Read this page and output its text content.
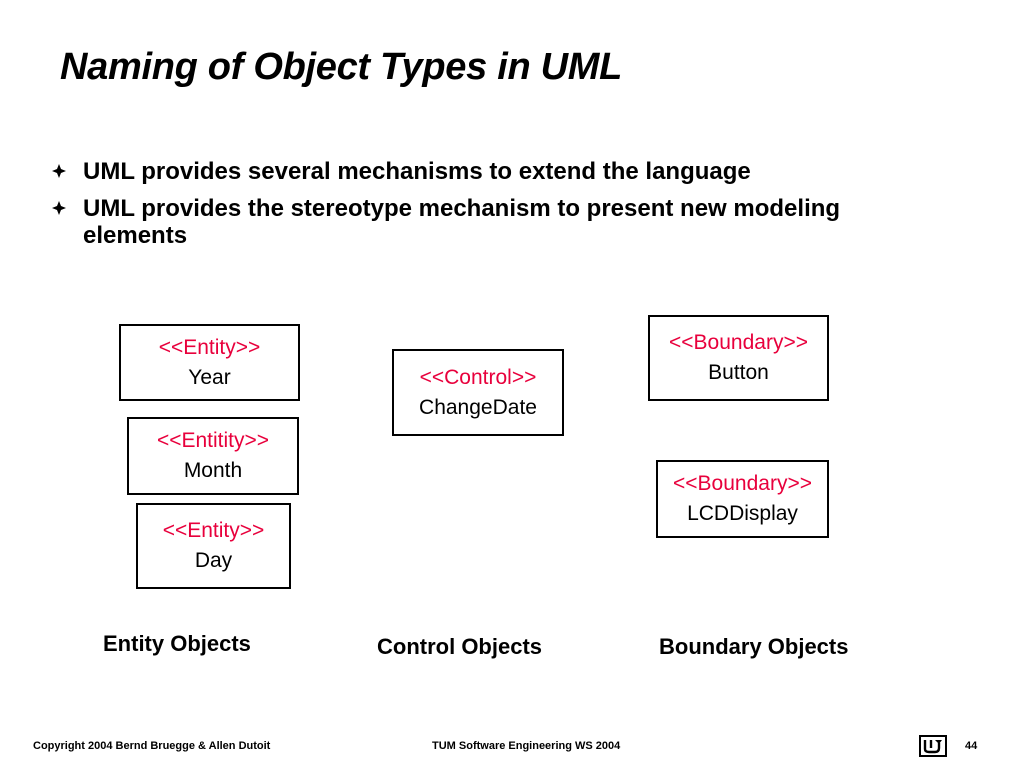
Naming of Object Types in UML
UML provides several mechanisms to extend the language
UML provides the stereotype mechanism to present new modeling elements
<<Entity>>
Year
<<Entitity>>
Month
<<Entity>>
Day
<<Control>>
ChangeDate
<<Boundary>>
Button
<<Boundary>>
LCDDisplay
Entity Objects	Control Objects	Boundary Objects
Copyright 2004 Bernd Bruegge & Allen Dutoit	TUM Software Engineering WS 2004	44
